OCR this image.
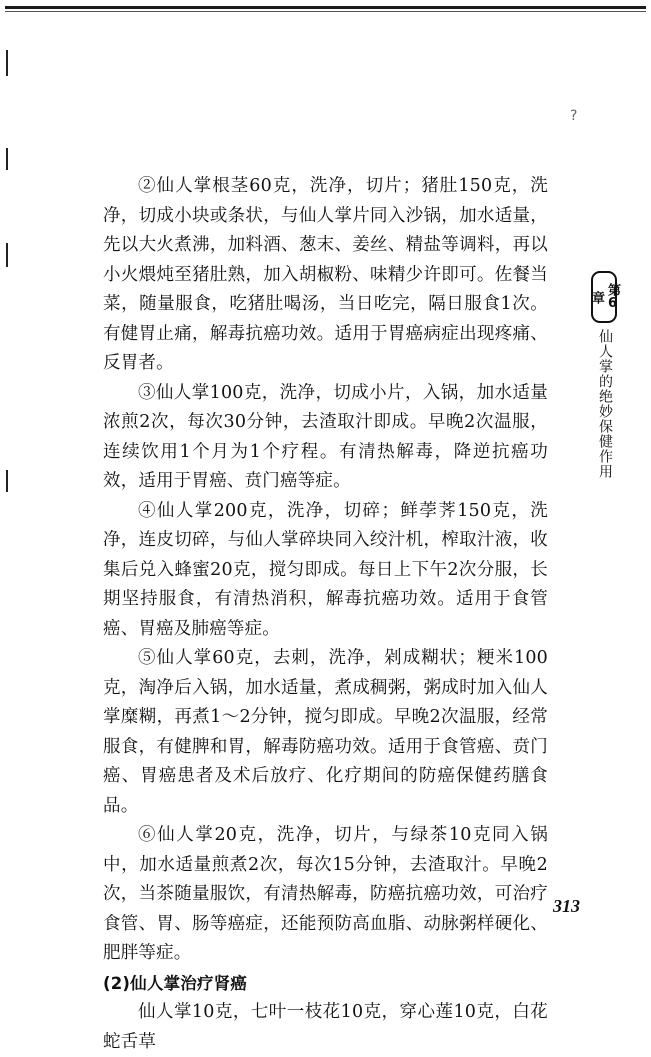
?
第6章
仙人掌的绝妙保健作用

②仙人掌根茎60克，洗净，切片；猪肚150克，洗净，切成小块或条状，与仙人掌片同入沙锅，加水适量，先以大火煮沸，加料酒、葱末、姜丝、精盐等调料，再以小火煨炖至猪肚熟，加入胡椒粉、味精少许即可。佐餐当菜，随量服食，吃猪肚喝汤，当日吃完，隔日服食1次。有健胃止痛，解毒抗癌功效。适用于胃癌病症出现疼痛、反胃者。

③仙人掌100克，洗净，切成小片，入锅，加水适量浓煎2次，每次30分钟，去渣取汁即成。早晚2次温服，连续饮用1个月为1个疗程。有清热解毒，降逆抗癌功效，适用于胃癌、贲门癌等症。

④仙人掌200克，洗净，切碎；鲜荸荠150克，洗净，连皮切碎，与仙人掌碎块同入绞汁机，榨取汁液，收集后兑入蜂蜜20克，搅匀即成。每日上下午2次分服，长期坚持服食，有清热消积，解毒抗癌功效。适用于食管癌、胃癌及肺癌等症。

⑤仙人掌60克，去刺，洗净，剁成糊状；粳米100克，淘净后入锅，加水适量，煮成稠粥，粥成时加入仙人掌糜糊，再煮1～2分钟，搅匀即成。早晚2次温服，经常服食，有健脾和胃，解毒防癌功效。适用于食管癌、贲门癌、胃癌患者及术后放疗、化疗期间的防癌保健药膳食品。

⑥仙人掌20克，洗净，切片，与绿茶10克同入锅中，加水适量煎煮2次，每次15分钟，去渣取汁。早晚2次，当茶随量服饮，有清热解毒，防癌抗癌功效，可治疗食管、胃、肠等癌症，还能预防高血脂、动脉粥样硬化、肥胖等症。

(2)仙人掌治疗肾癌

仙人掌10克，七叶一枝花10克，穿心莲10克，白花蛇舌草

313
